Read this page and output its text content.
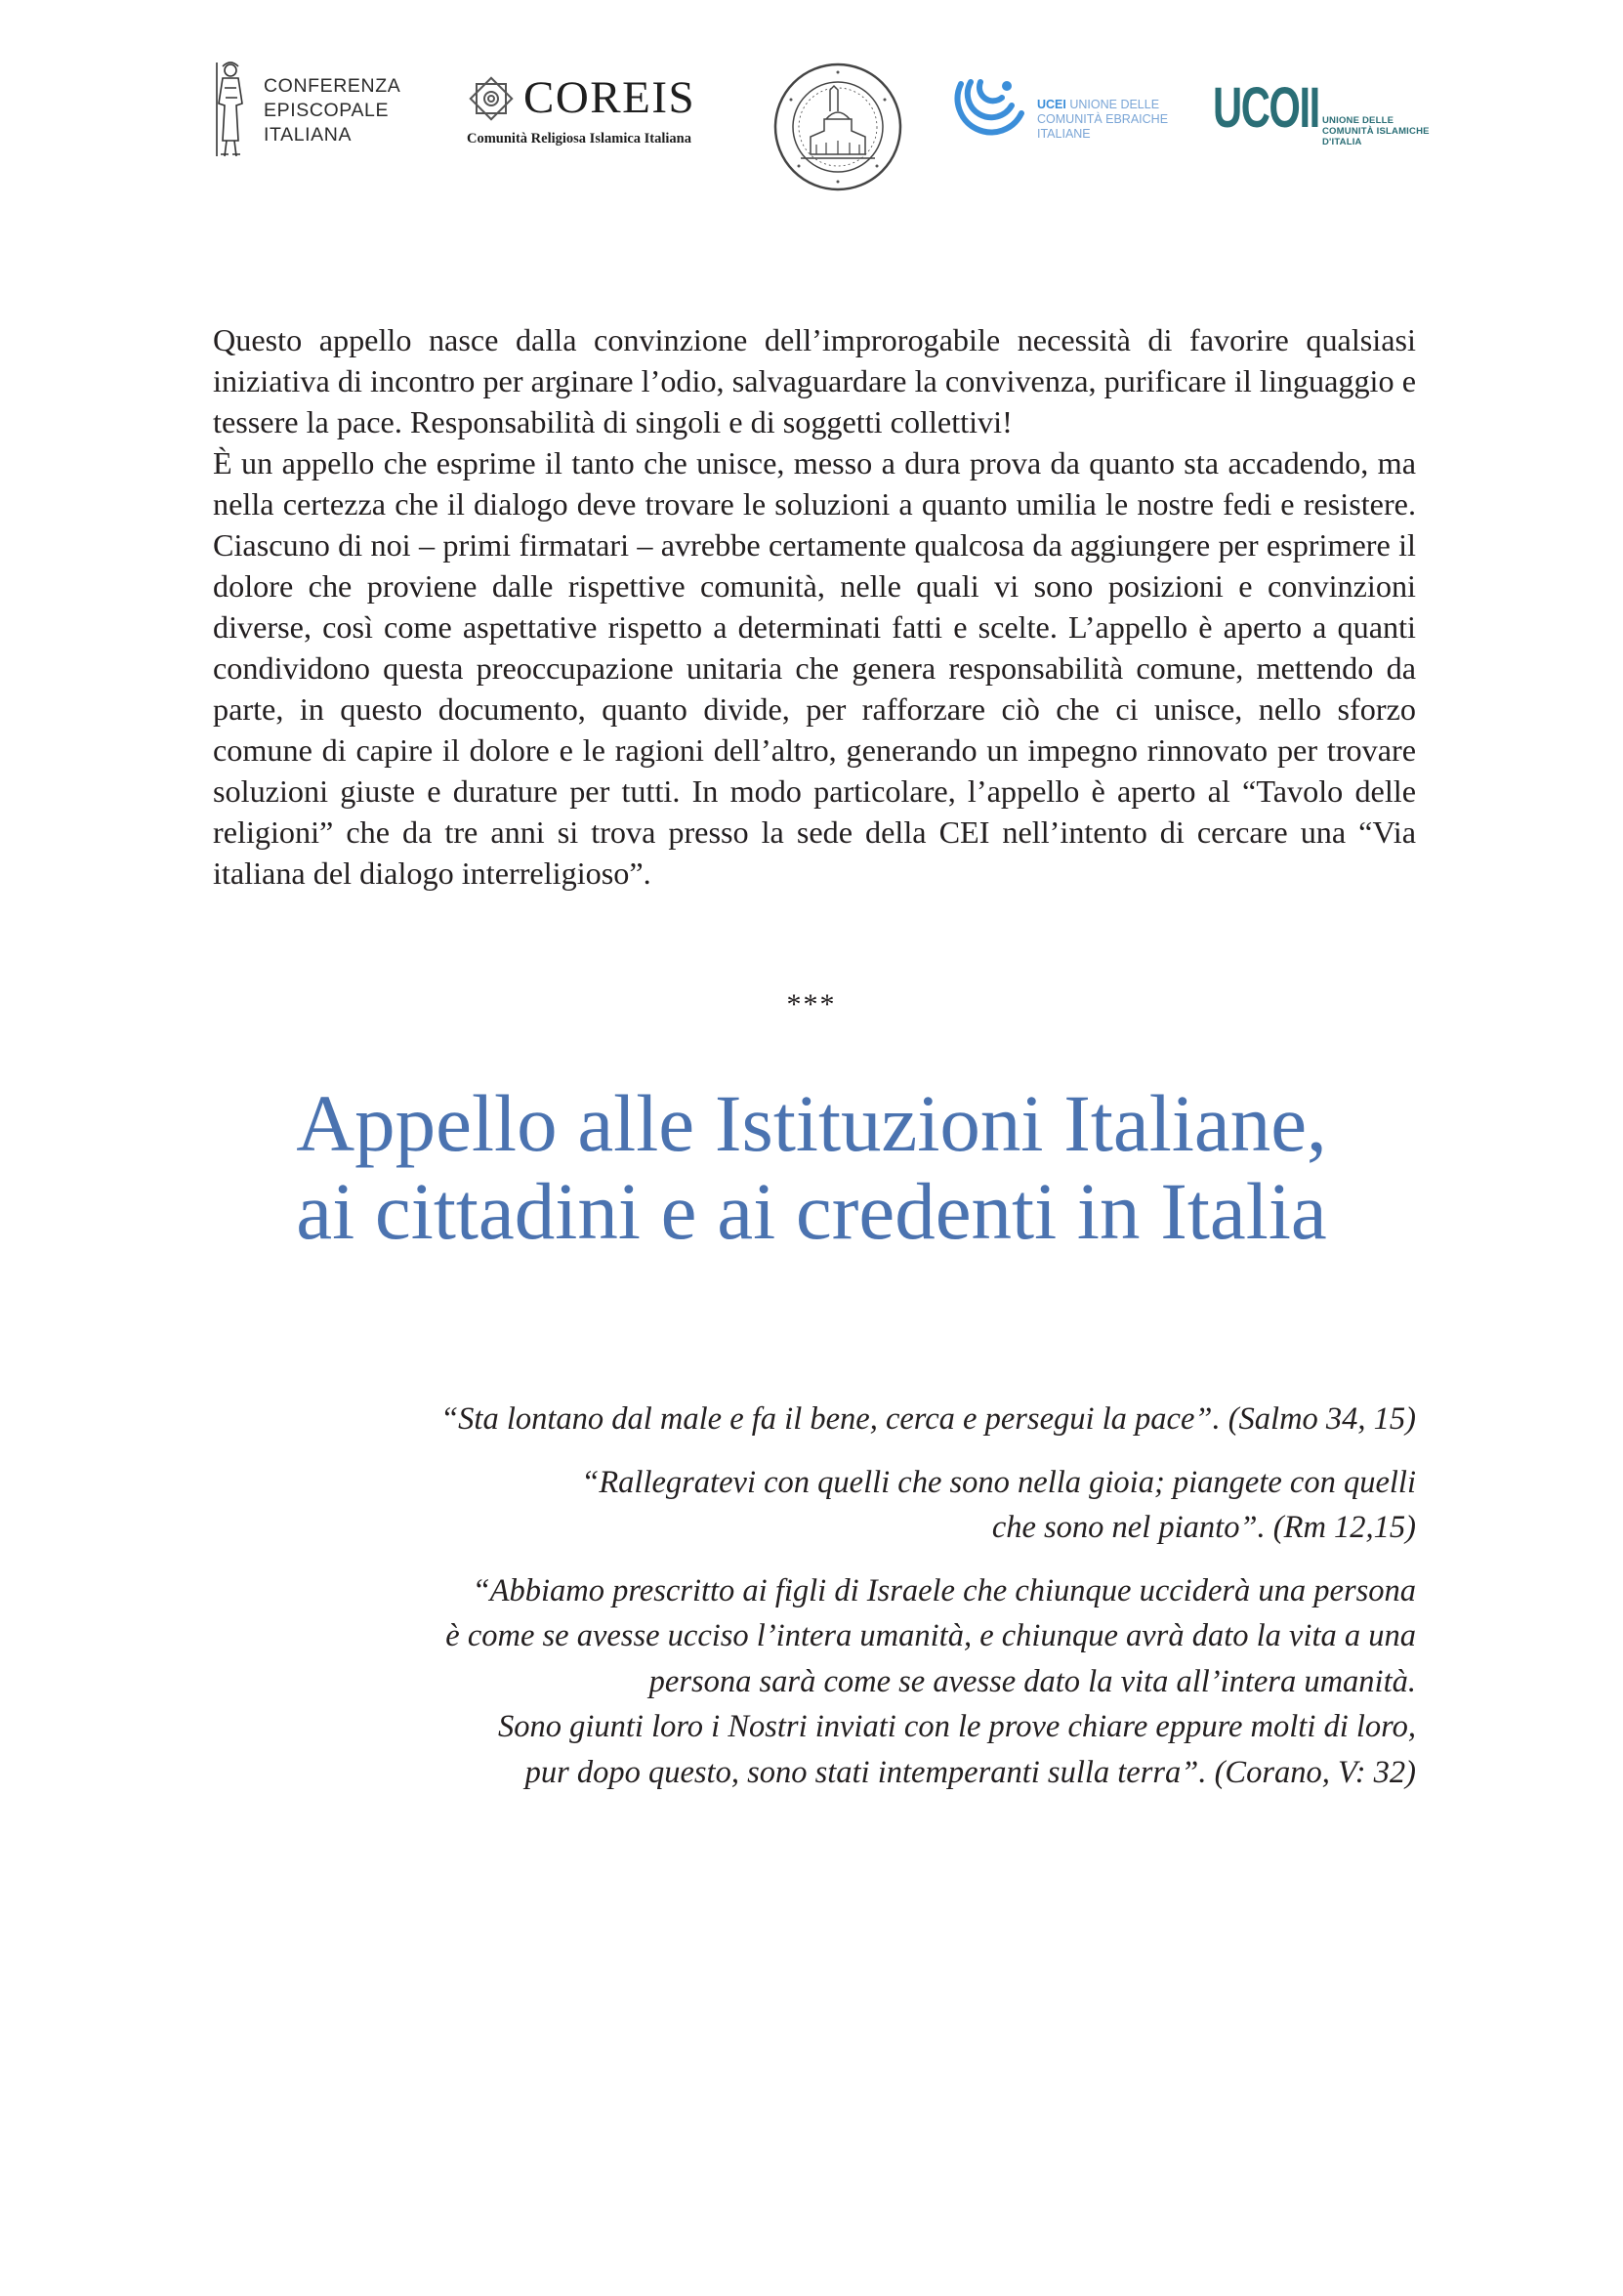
CONFERENZA
EPISCOPALE
ITALIANA
COREIS
Comunità Religiosa Islamica Italiana
UCEI UNIONE DELLE
COMUNITÀ EBRAICHE
ITALIANE	UCOII UNIONE DELLE
COMUNITÀ ISLAMICHE
D'ITALIA

Questo appello nasce dalla convinzione dell’improrogabile necessità di favorire qualsiasi iniziativa di incontro per arginare l’odio, salvaguardare la convivenza, purificare il linguaggio e tessere la pace. Responsabilità di singoli e di soggetti collettivi!

È un appello che esprime il tanto che unisce, messo a dura prova da quanto sta accadendo, ma nella certezza che il dialogo deve trovare le soluzioni a quanto umilia le nostre fedi e resistere. Ciascuno di noi – primi firmatari – avrebbe certamente qualcosa da aggiungere per esprimere il dolore che proviene dalle rispettive comunità, nelle quali vi sono posizioni e convinzioni diverse, così come aspettative rispetto a determinati fatti e scelte. L’appello è aperto a quanti condividono questa preoccupazione unitaria che genera responsabilità comune, mettendo da parte, in questo documento, quanto divide, per rafforzare ciò che ci unisce, nello sforzo comune di capire il dolore e le ragioni dell’altro, generando un impegno rinnovato per trovare soluzioni giuste e durature per tutti. In modo particolare, l’appello è aperto al “Tavolo delle religioni” che da tre anni si trova presso la sede della CEI nell’intento di cercare una “Via italiana del dialogo interreligioso”.

***
Appello alle Istituzioni Italiane,
ai cittadini e ai credenti in Italia
“Sta lontano dal male e fa il bene, cerca e persegui la pace”. (Salmo 34, 15)
“Rallegratevi con quelli che sono nella gioia; piangete con quelli
che sono nel pianto”. (Rm 12,15)
“Abbiamo prescritto ai figli di Israele che chiunque ucciderà una persona
è come se avesse ucciso l’intera umanità, e chiunque avrà dato la vita a una
persona sarà come se avesse dato la vita all’intera umanità.
Sono giunti loro i Nostri inviati con le prove chiare eppure molti di loro,
pur dopo questo, sono stati intemperanti sulla terra”. (Corano, V: 32)
